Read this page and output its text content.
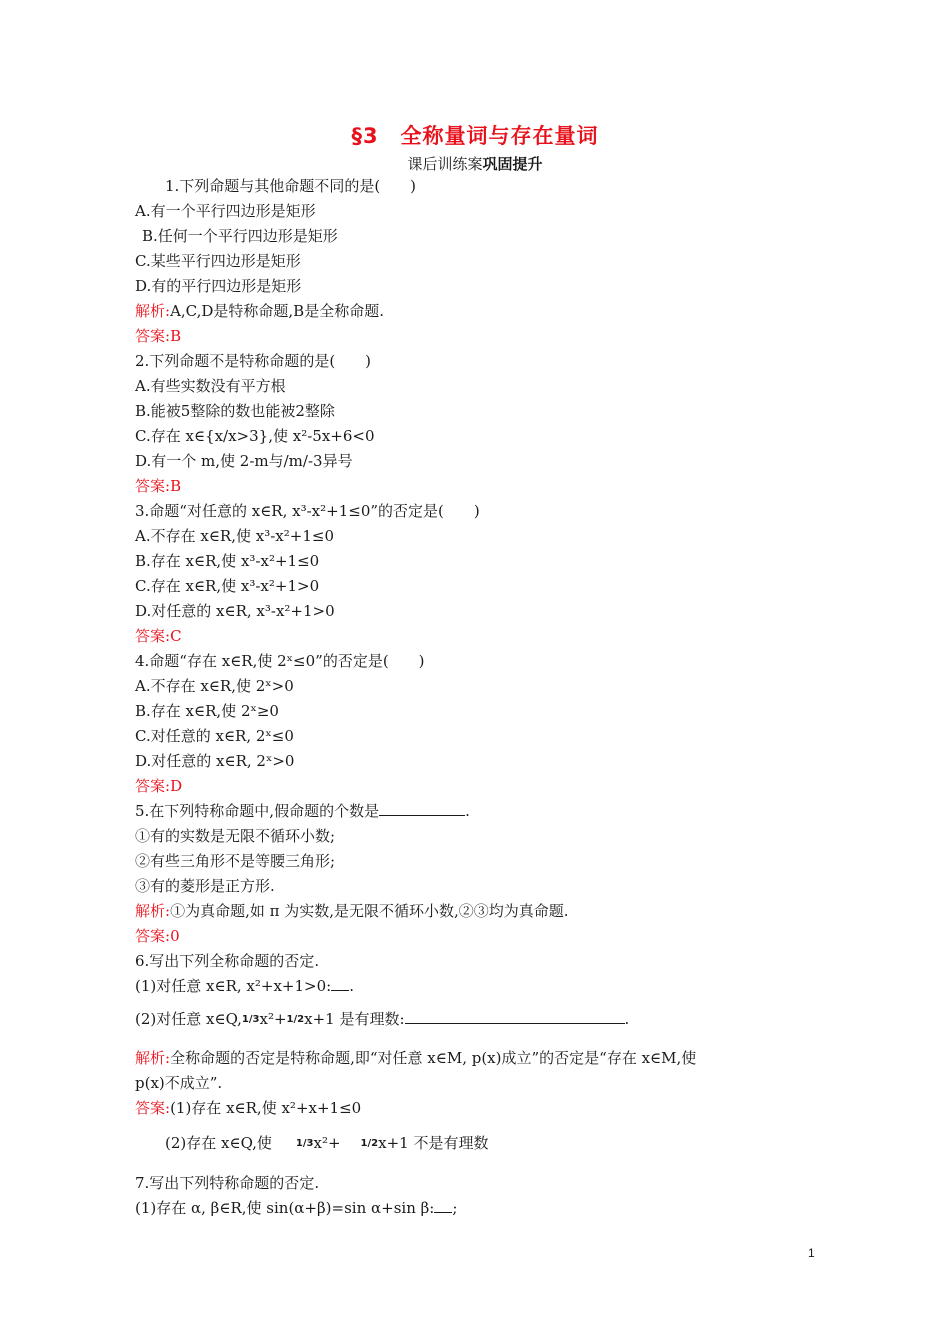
§3　全称量词与存在量词
课后训练案巩固提升
1.下列命题与其他命题不同的是(　　)
A.有一个平行四边形是矩形
B.任何一个平行四边形是矩形
C.某些平行四边形是矩形
D.有的平行四边形是矩形
解析:A,C,D是特称命题,B是全称命题.
答案:B
2.下列命题不是特称命题的是(　　)
A.有些实数没有平方根
B.能被5整除的数也能被2整除
C.存在 x∈{x/x>3},使 x²-5x+6<0
D.有一个 m,使 2-m与/m/-3异号
答案:B
3.命题“对任意的 x∈R, x³-x²+1≤0”的否定是(　　)
A.不存在 x∈R,使 x³-x²+1≤0
B.存在 x∈R,使 x³-x²+1≤0
C.存在 x∈R,使 x³-x²+1>0
D.对任意的 x∈R, x³-x²+1>0
答案:C
4.命题“存在 x∈R,使 2ˣ≤0”的否定是(　　)
A.不存在 x∈R,使 2ˣ>0
B.存在 x∈R,使 2ˣ≥0
C.对任意的 x∈R, 2ˣ≤0
D.对任意的 x∈R, 2ˣ>0
答案:D
5.在下列特称命题中,假命题的个数是	.
①有的实数是无限不循环小数;
②有些三角形不是等腰三角形;
③有的菱形是正方形.
解析:①为真命题,如 π 为实数,是无限不循环小数,②③均为真命题.
答案:0
6.写出下列全称命题的否定.
(1)对任意 x∈R, x²+x+1>0: .
(2)对任意 x∈Q,1/3x²+1/2x+1 是有理数:	.
解析:全称命题的否定是特称命题,即“对任意 x∈M, p(x)成立”的否定是“存在 x∈M,使
p(x)不成立”.
答案:(1)存在 x∈R,使 x²+x+1≤0
(2)存在 x∈Q,使 1/3x²+ 1/2x+1 不是有理数
7.写出下列特称命题的否定.
(1)存在 α, β∈R,使 sin(α+β)=sin α+sin β: ;
1
